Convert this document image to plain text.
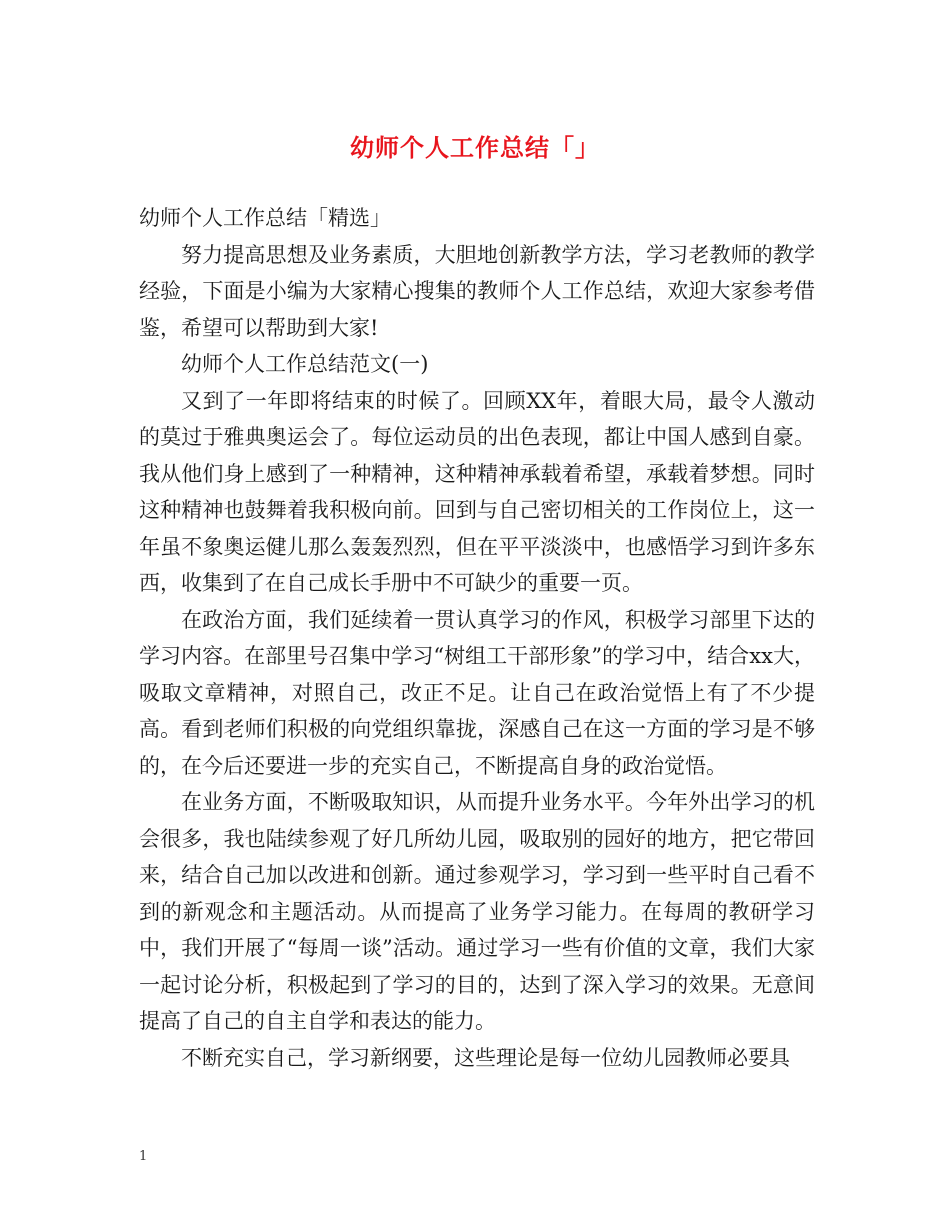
幼师个人工作总结「」

幼师个人工作总结「精选」

努力提高思想及业务素质，大胆地创新教学方法，学习老教师的教学经验，下面是小编为大家精心搜集的教师个人工作总结，欢迎大家参考借鉴，希望可以帮助到大家!

幼师个人工作总结范文(一)

又到了一年即将结束的时候了。回顾XX年，着眼大局，最令人激动的莫过于雅典奥运会了。每位运动员的出色表现，都让中国人感到自豪。我从他们身上感到了一种精神，这种精神承载着希望，承载着梦想。同时这种精神也鼓舞着我积极向前。回到与自己密切相关的工作岗位上，这一年虽不象奥运健儿那么轰轰烈烈，但在平平淡淡中，也感悟学习到许多东西，收集到了在自己成长手册中不可缺少的重要一页。

在政治方面，我们延续着一贯认真学习的作风，积极学习部里下达的学习内容。在部里号召集中学习“树组工干部形象”的学习中，结合xx大，吸取文章精神，对照自己，改正不足。让自己在政治觉悟上有了不少提高。看到老师们积极的向党组织靠拢，深感自己在这一方面的学习是不够的，在今后还要进一步的充实自己，不断提高自身的政治觉悟。

在业务方面，不断吸取知识，从而提升业务水平。今年外出学习的机会很多，我也陆续参观了好几所幼儿园，吸取别的园好的地方，把它带回来，结合自己加以改进和创新。通过参观学习，学习到一些平时自己看不到的新观念和主题活动。从而提高了业务学习能力。在每周的教研学习中，我们开展了“每周一谈”活动。通过学习一些有价值的文章，我们大家一起讨论分析，积极起到了学习的目的，达到了深入学习的效果。无意间提高了自己的自主自学和表达的能力。

不断充实自己，学习新纲要，这些理论是每一位幼儿园教师必要具

1
